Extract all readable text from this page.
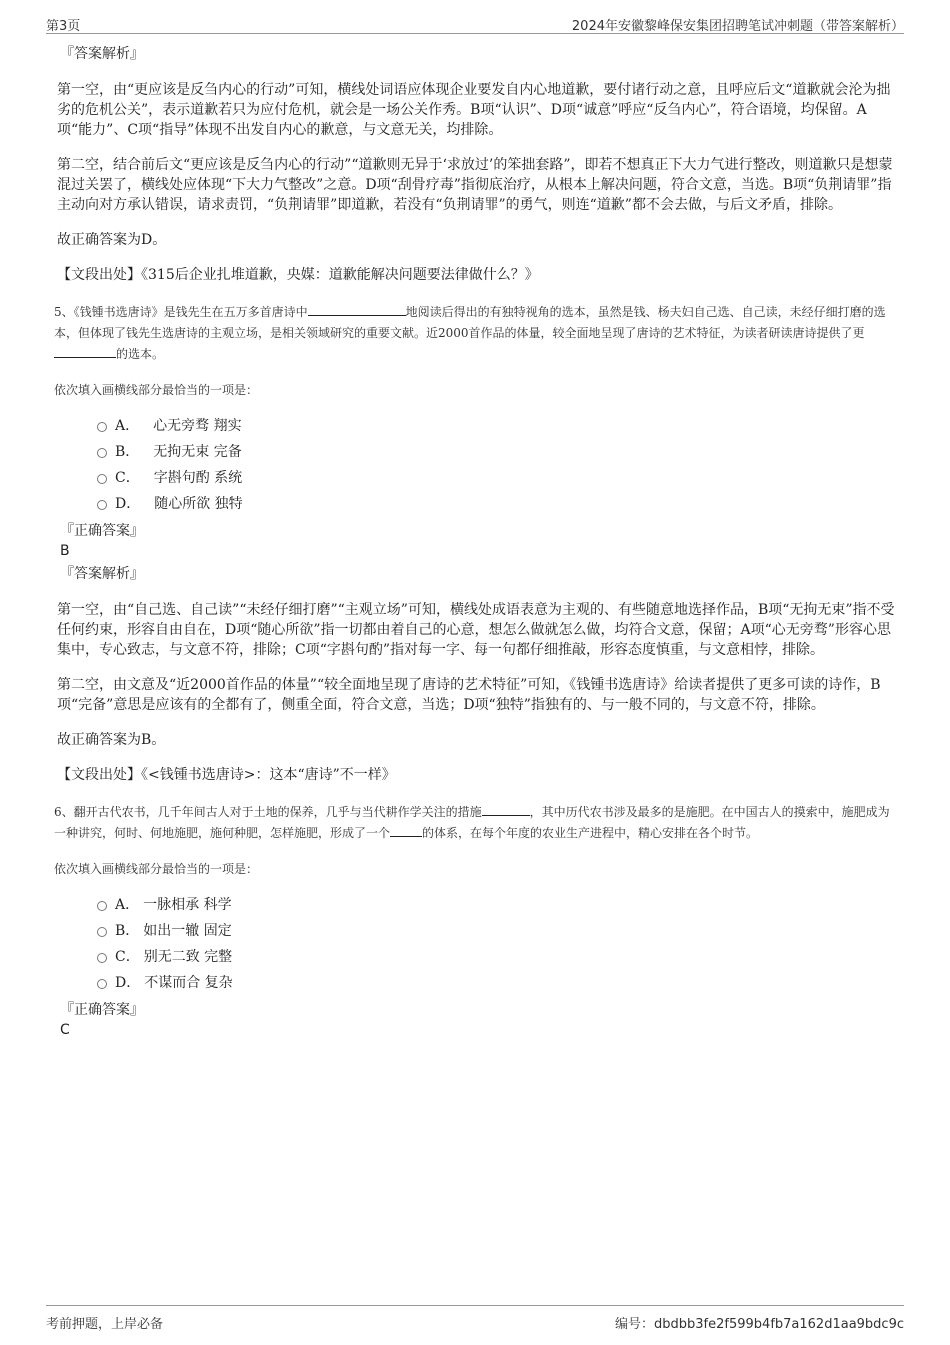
第3页	2024年安徽黎峰保安集团招聘笔试冲刺题（带答案解析）
『答案解析』

第一空，由“更应该是反刍内心的行动”可知，横线处词语应体现企业要发自内心地道歉，要付诸行动之意，且呼应后文“道歉就会沦为拙劣的危机公关”，表示道歉若只为应付危机，就会是一场公关作秀。B项“认识”、D项“诚意”呼应“反刍内心”，符合语境，均保留。A项“能力”、C项“指导”体现不出发自内心的歉意，与文意无关，均排除。

第二空，结合前后文“更应该是反刍内心的行动”“道歉则无异于‘求放过’的笨拙套路”，即若不想真正下大力气进行整改，则道歉只是想蒙混过关罢了，横线处应体现“下大力气整改”之意。D项“刮骨疗毒”指彻底治疗，从根本上解决问题，符合文意，当选。B项“负荆请罪”指主动向对方承认错误，请求责罚，“负荆请罪”即道歉，若没有“负荆请罪”的勇气，则连“道歉”都不会去做，与后文矛盾，排除。

故正确答案为D。

【文段出处】《315后企业扎堆道歉，央媒：道歉能解决问题要法律做什么？》

5、《钱锺书选唐诗》是钱先生在五万多首唐诗中	地阅读后得出的有独特视角的选本，虽然是钱、杨夫妇自己选、自己读，未经仔细打磨的选本，但体现了钱先生选唐诗的主观立场，是相关领域研究的重要文献。近2000首作品的体量，较全面地呈现了唐诗的艺术特征，为读者研读唐诗提供了更的选本。

依次填入画横线部分最恰当的一项是：

A． 心无旁骛 翔实
B． 无拘无束 完备
C． 字斟句酌 系统
D． 随心所欲 独特
『正确答案』
B
『答案解析』

第一空，由“自己选、自己读”“未经仔细打磨”“主观立场”可知，横线处成语表意为主观的、有些随意地选择作品，B项“无拘无束”指不受任何约束，形容自由自在，D项“随心所欲”指一切都由着自己的心意，想怎么做就怎么做，均符合文意，保留；A项“心无旁骛”形容心思集中，专心致志，与文意不符，排除；C项“字斟句酌”指对每一字、每一句都仔细推敲，形容态度慎重，与文意相悖，排除。

第二空，由文意及“近2000首作品的体量”“较全面地呈现了唐诗的艺术特征”可知，《钱锺书选唐诗》给读者提供了更多可读的诗作，B项“完备”意思是应该有的全都有了，侧重全面，符合文意，当选；D项“独特”指独有的、与一般不同的，与文意不符，排除。

故正确答案为B。

【文段出处】《<钱锺书选唐诗>：这本“唐诗”不一样》

6、翻开古代农书，几千年间古人对于土地的保养，几乎与当代耕作学关注的措施	，其中历代农书涉及最多的是施肥。在中国古人的摸索中，施肥成为一种讲究，何时、何地施肥，施何种肥，怎样施肥，形成了一个	的体系，在每个年度的农业生产进程中，精心安排在各个时节。

依次填入画横线部分最恰当的一项是：

A． 一脉相承 科学
B． 如出一辙 固定
C． 别无二致 完整
D． 不谋而合 复杂
『正确答案』
C
考前押题，上岸必备	编号：dbdbb3fe2f599b4fb7a162d1aa9bdc9c
